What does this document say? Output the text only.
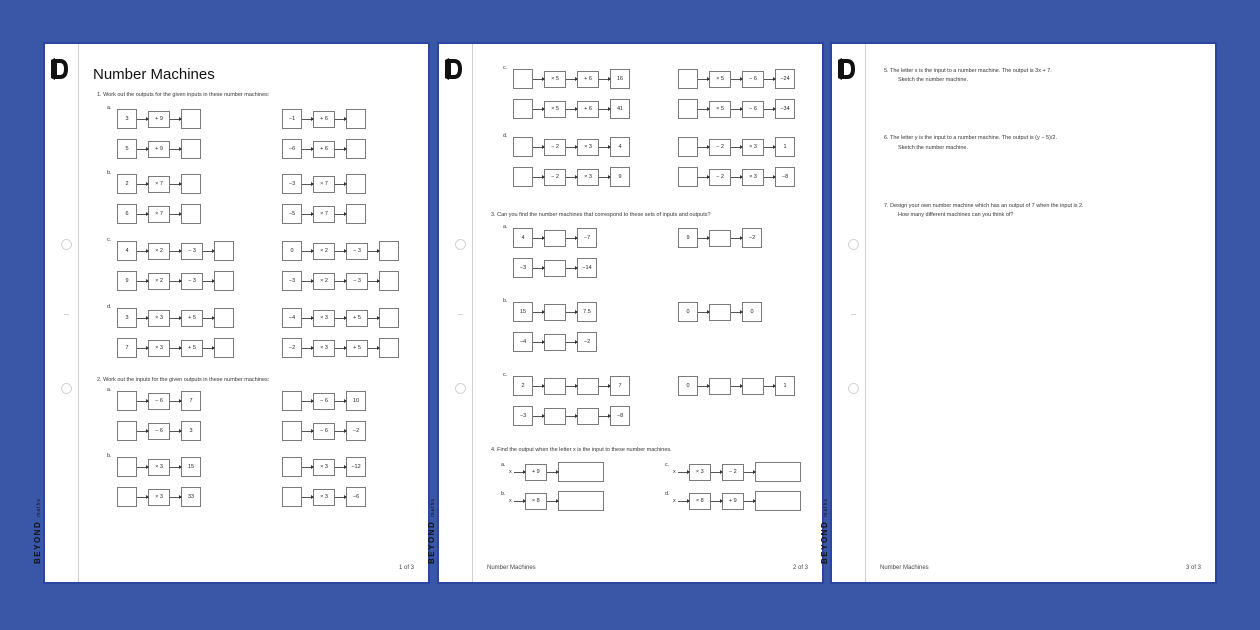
BEYONDmaths
Number Machines
1. Work out the outputs for the given inputs in these number machines:
2. Work out the inputs for the given outputs in these number machines:
1 of 3
a.
3	+ 9
5	+ 9
−1	+ 6
−6	+ 6
b.
2	× 7
6	× 7
−3	× 7
−5	× 7
c.
4	× 2	− 3
9	× 2	− 3
0	× 2	− 3
−3	× 2	− 3
d.
3	× 3	+ 5
7	× 3	+ 5
−4	× 3	+ 5
−2	× 3	+ 5
a.
− 6	7
− 6	3
− 6	10
− 6	−2
b.
× 3	15
× 3	33
× 3	−12
× 3	−6
BEYONDmaths
3. Can you find the number machines that correspond to these sets of inputs and outputs?
4. Find the output when the letter x is the input to these number machines.
Number Machines	2 of 3
c.
× 5	+ 6	16
× 5	+ 6	41
× 5	− 6	−24
× 5	− 6	−34
d.
− 2	× 3	4
− 2	× 3	9
− 2	× 3	1
− 2	× 3	−8
a.
4	−7
−3	−14
9	−2
b.
15	7.5
−4	−2
0	0
c.
2	7
−3	−8
0	1
a.
x	+ 9
b.
x	× 8
c.
x	× 3	− 2
d.
x	× 8	+ 9
BEYONDmaths
5. The letter x is the input to a number machine. The output is 3x + 7.
Sketch the number machine.
6. The letter y is the input to a number machine. The output is (y − 5)/2.
Sketch the number machine.
7. Design your own number machine which has an output of 7 when the input is 2.
How many different machines can you think of?
Number Machines	3 of 3
